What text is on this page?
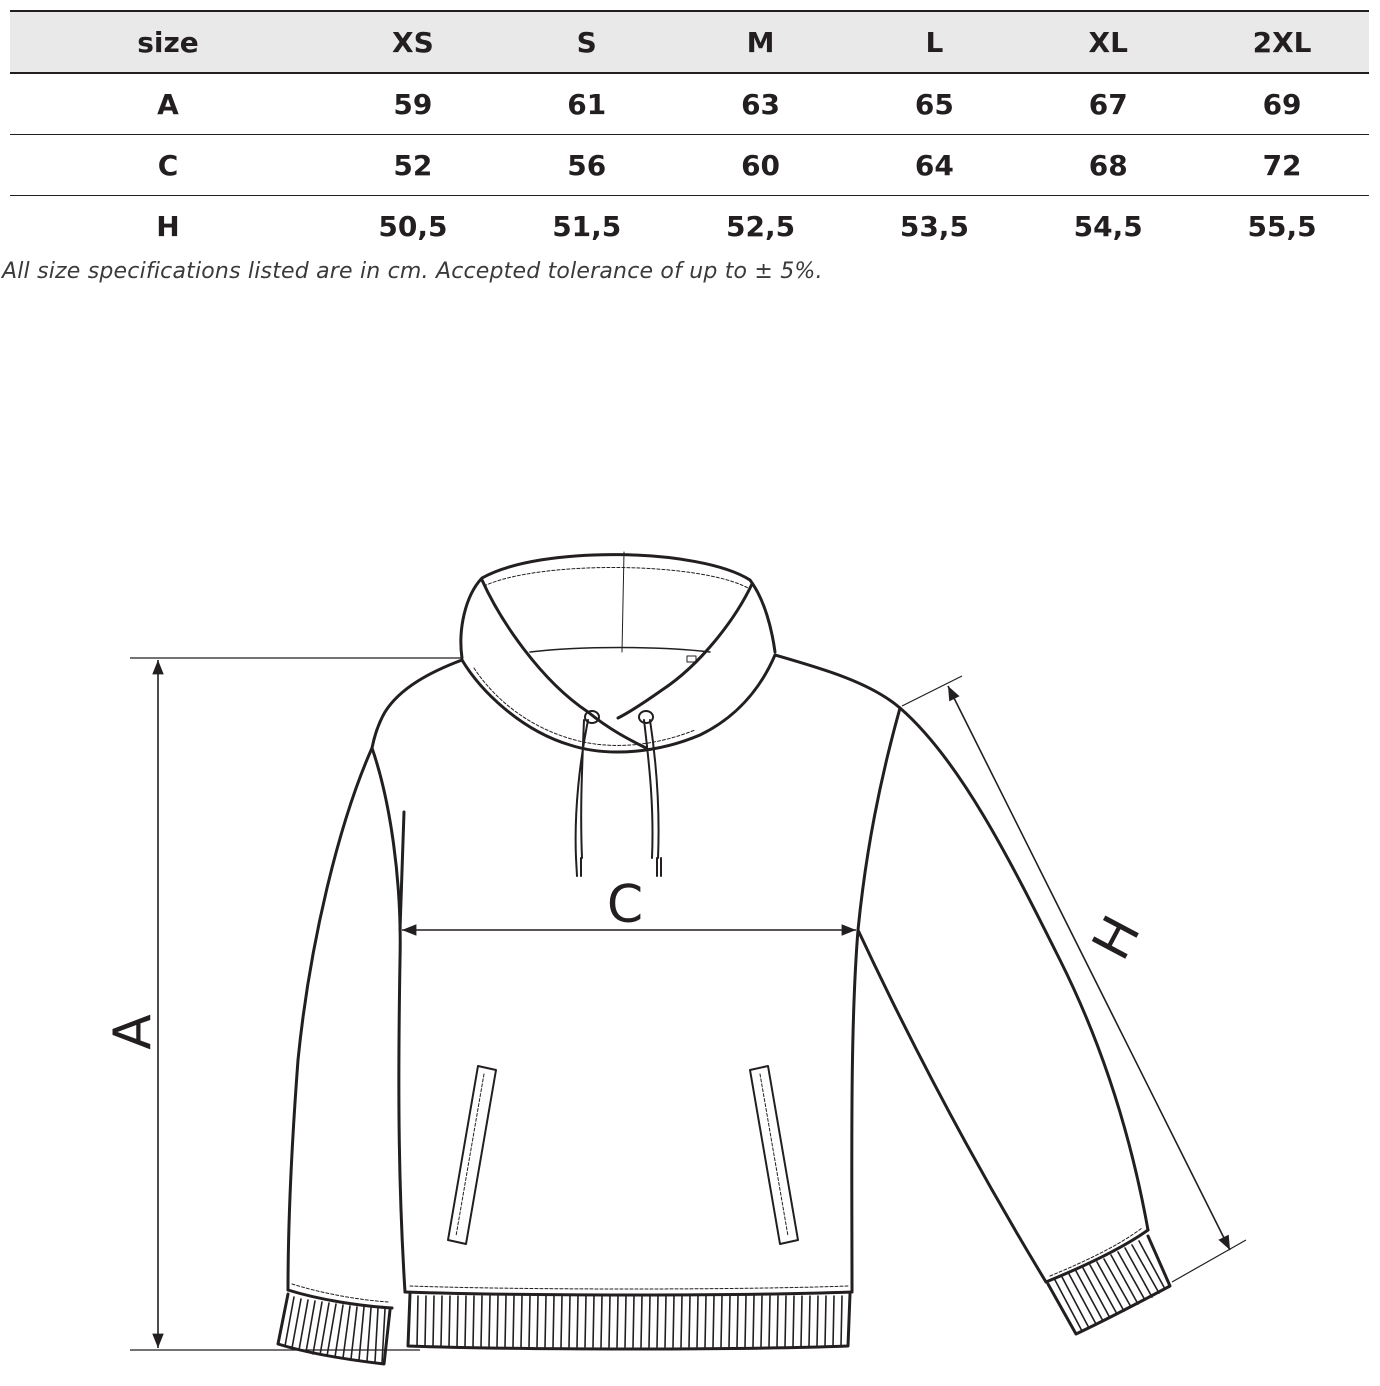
size	XS	S	M	L	XL	2XL
A	59	61	63	65	67	69
C	52	56	60	64	68	72
H	50,5	51,5	52,5	53,5	54,5	55,5
All size specifications listed are in cm. Accepted tolerance of up to ± 5%.
A
C
H
